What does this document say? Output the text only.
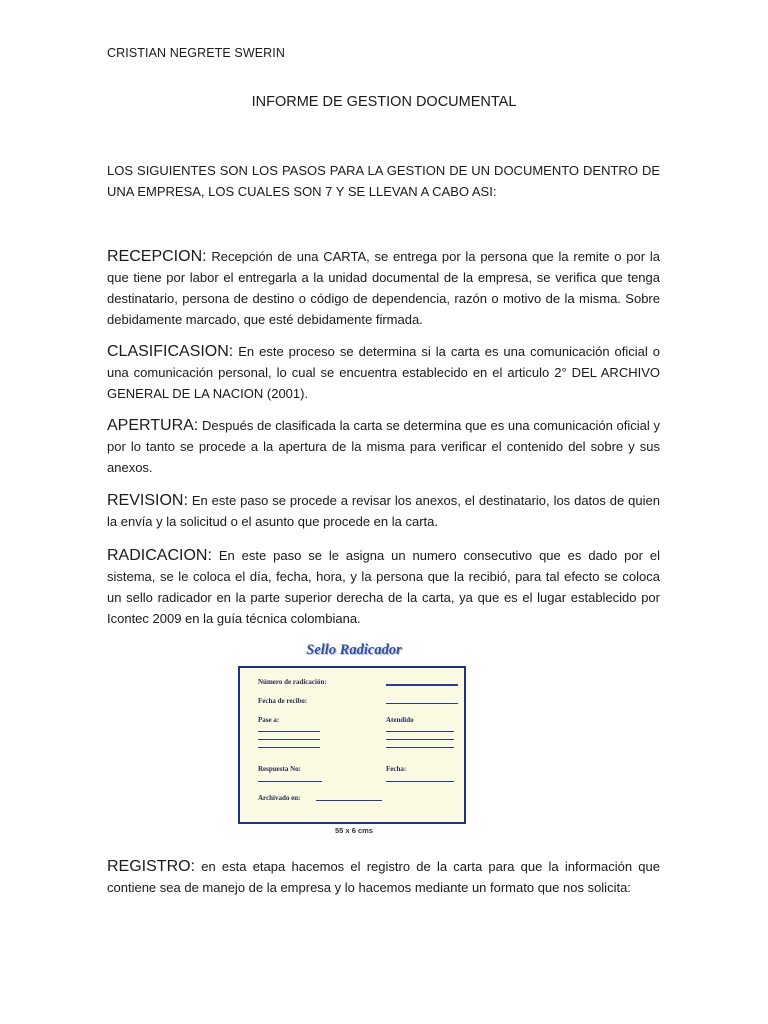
CRISTIAN NEGRETE SWERIN
INFORME DE GESTION DOCUMENTAL
LOS SIGUIENTES SON LOS PASOS PARA LA GESTION DE UN DOCUMENTO DENTRO DE UNA EMPRESA, LOS CUALES SON 7 Y SE LLEVAN A CABO ASI:
RECEPCION: Recepción de una CARTA, se entrega por la persona que la remite o por la que tiene por labor el entregarla a la unidad documental de la empresa, se verifica que tenga destinatario, persona de destino o código de dependencia, razón o motivo de la misma. Sobre debidamente marcado, que esté debidamente firmada.
CLASIFICASION: En este proceso se determina si la carta es una comunicación oficial o una comunicación personal, lo cual se encuentra establecido en el articulo 2° DEL ARCHIVO GENERAL DE LA NACION (2001).
APERTURA: Después de clasificada la carta se determina que es una comunicación oficial y por lo tanto se procede a la apertura de la misma para verificar el contenido del sobre y sus anexos.
REVISION: En este paso se procede a revisar los anexos, el destinatario, los datos de quien la envía y la solicitud o el asunto que procede en la carta.
RADICACION: En este paso se le asigna un numero consecutivo que es dado por el sistema, se le coloca el día, fecha, hora, y la persona que la recibió, para tal efecto se coloca un sello radicador en la parte superior derecha de la carta, ya que es el lugar establecido por Icontec 2009 en la guía técnica colombiana.
Sello Radicador
Número de radicación:
Fecha de recibo:
Pase a:	Atendido
Respuesta No:	Fecha:
Archivado en:
55 x 6 cms
REGISTRO: en esta etapa hacemos el registro de la carta para que la información que contiene sea de manejo de la empresa y lo hacemos mediante un formato que nos solicita:
